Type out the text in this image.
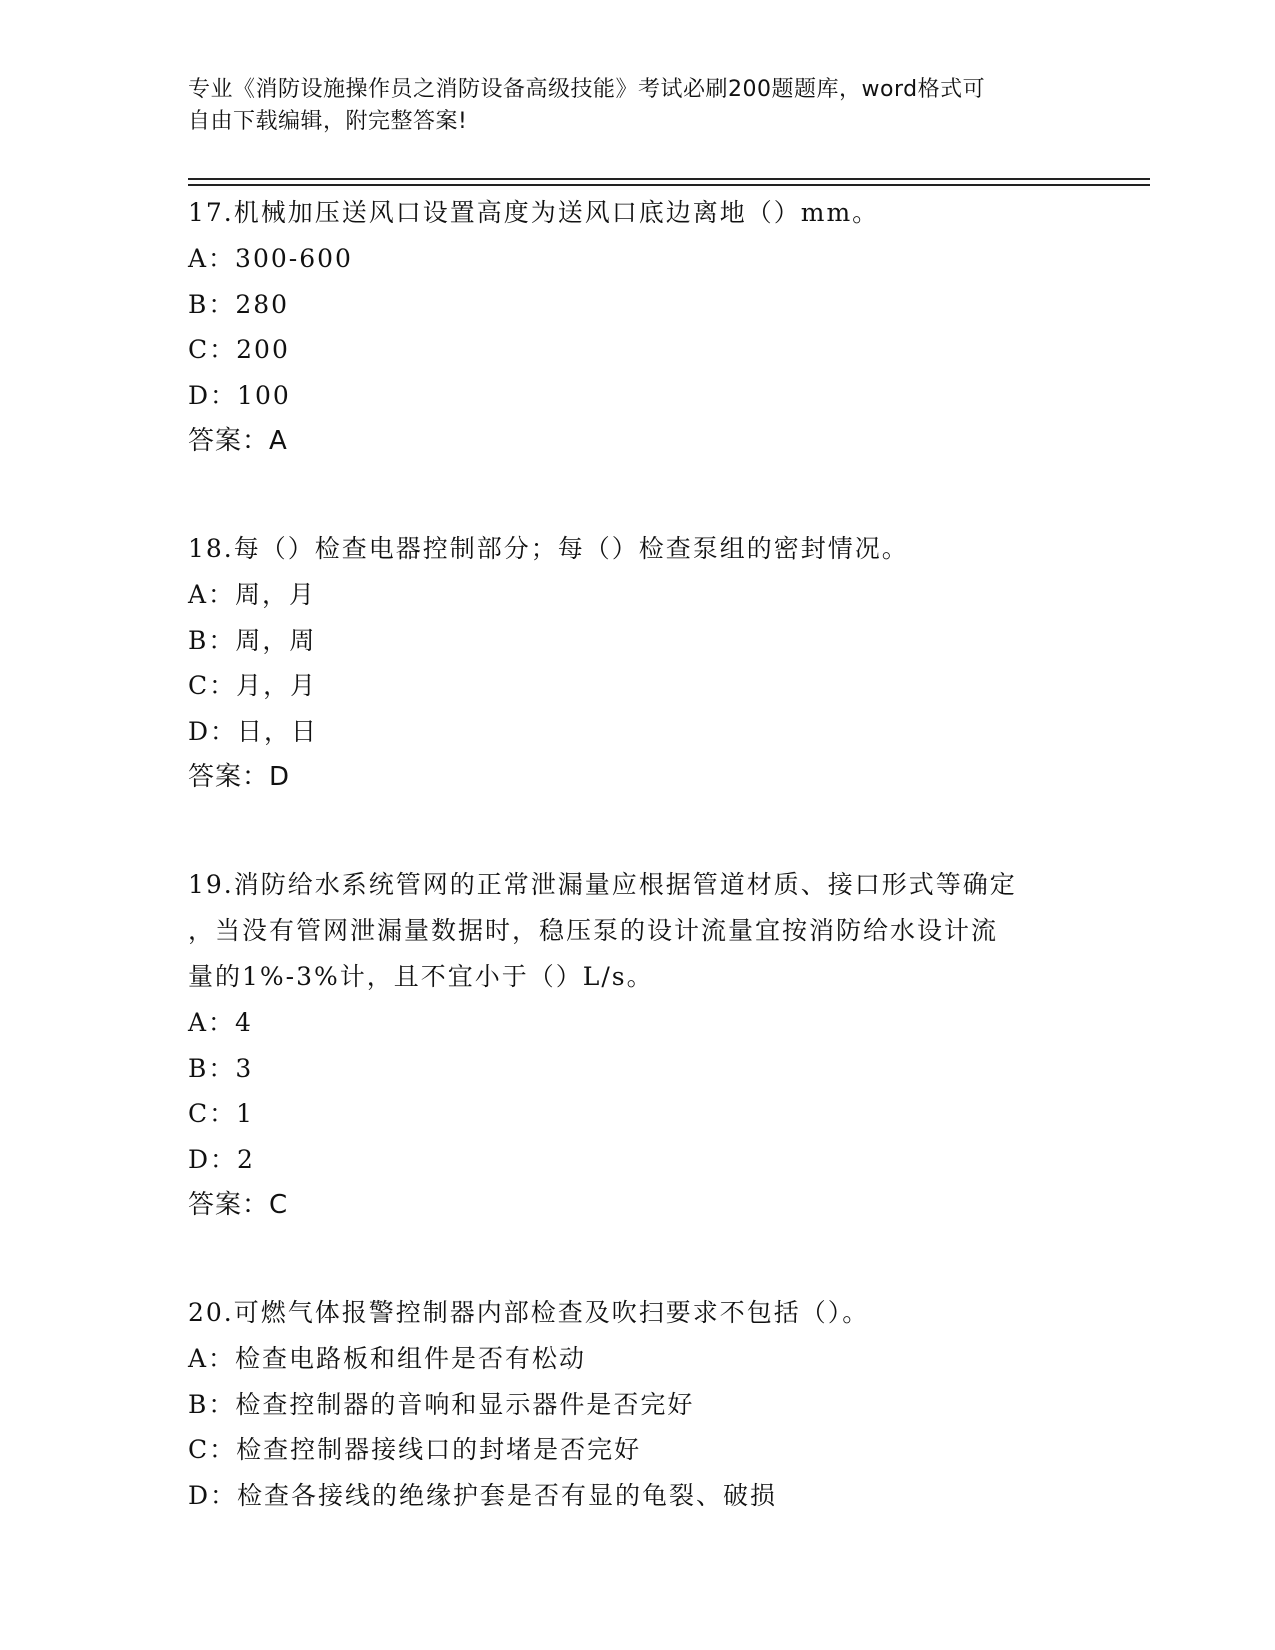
专业《消防设施操作员之消防设备高级技能》考试必刷200题题库，word格式可
自由下载编辑，附完整答案!
17.机械加压送风口设置高度为送风口底边离地（）mm。
A：300-600
B：280
C：200
D：100
答案：A
18.每（）检查电器控制部分；每（）检查泵组的密封情况。
A：周，月
B：周，周
C：月，月
D：日，日
答案：D
19.消防给水系统管网的正常泄漏量应根据管道材质、接口形式等确定
，当没有管网泄漏量数据时，稳压泵的设计流量宜按消防给水设计流
量的1%-3%计，且不宜小于（）L/s。
A：4
B：3
C：1
D：2
答案：C
20.可燃气体报警控制器内部检查及吹扫要求不包括（）。
A：检查电路板和组件是否有松动
B：检查控制器的音响和显示器件是否完好
C：检查控制器接线口的封堵是否完好
D：检查各接线的绝缘护套是否有显的龟裂、破损
